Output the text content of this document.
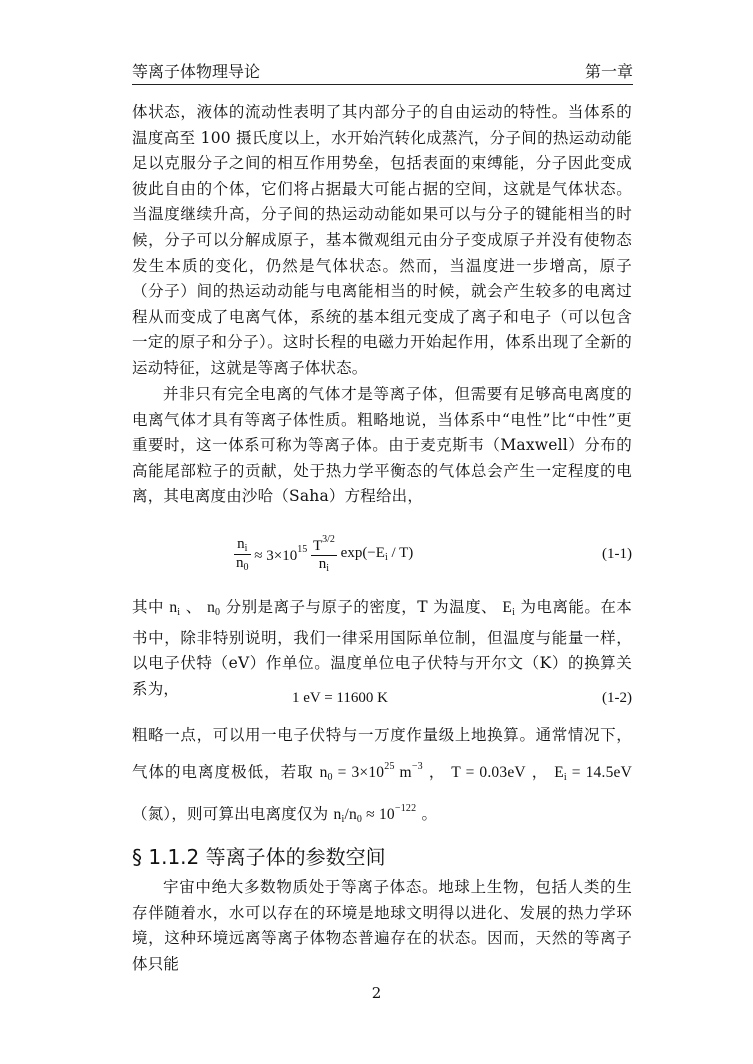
等离子体物理导论	第一章
体状态，液体的流动性表明了其内部分子的自由运动的特性。当体系的温度高至 100 摄氏度以上，水开始汽转化成蒸汽，分子间的热运动动能足以克服分子之间的相互作用势垒，包括表面的束缚能，分子因此变成彼此自由的个体，它们将占据最大可能占据的空间，这就是气体状态。当温度继续升高，分子间的热运动动能如果可以与分子的键能相当的时候，分子可以分解成原子，基本微观组元由分子变成原子并没有使物态发生本质的变化，仍然是气体状态。然而，当温度进一步增高，原子（分子）间的热运动动能与电离能相当的时候，就会产生较多的电离过程从而变成了电离气体，系统的基本组元变成了离子和电子（可以包含一定的原子和分子）。这时长程的电磁力开始起作用，体系出现了全新的运动特征，这就是等离子体状态。
并非只有完全电离的气体才是等离子体，但需要有足够高电离度的电离气体才具有等离子体性质。粗略地说，当体系中“电性”比“中性”更重要时，这一体系可称为等离子体。由于麦克斯韦（Maxwell）分布的高能尾部粒子的贡献，处于热力学平衡态的气体总会产生一定程度的电离，其电离度由沙哈（Saha）方程给出，
$\frac{n_i}{n_0} \approx 3\times 10^{15} \frac{T^{3/2}}{n_i} \exp(-E_i / T)$	(1-1)
其中 $n_i$ 、 $n_0$ 分别是离子与原子的密度，T 为温度、 $E_i$ 为电离能。在本书中，除非特别说明，我们一律采用国际单位制，但温度与能量一样，以电子伏特（eV）作单位。温度单位电子伏特与开尔文（K）的换算关系为，
1 eV = 11600 K	(1-2)
粗略一点，可以用一电子伏特与一万度作量级上地换算。通常情况下，气体的电离度极低，若取 $n_0 = 3\times 10^{25}$ $m^{-3}$ ， T = 0.03eV ， $E_i = 14.5eV$ （氮），则可算出电离度仅为 $n_i/n_0 \approx 10^{-122}$ 。
§ 1.1.2 等离子体的参数空间
宇宙中绝大多数物质处于等离子体态。地球上生物，包括人类的生存伴随着水，水可以存在的环境是地球文明得以进化、发展的热力学环境，这种环境远离等离子体物态普遍存在的状态。因而，天然的等离子体只能
2
